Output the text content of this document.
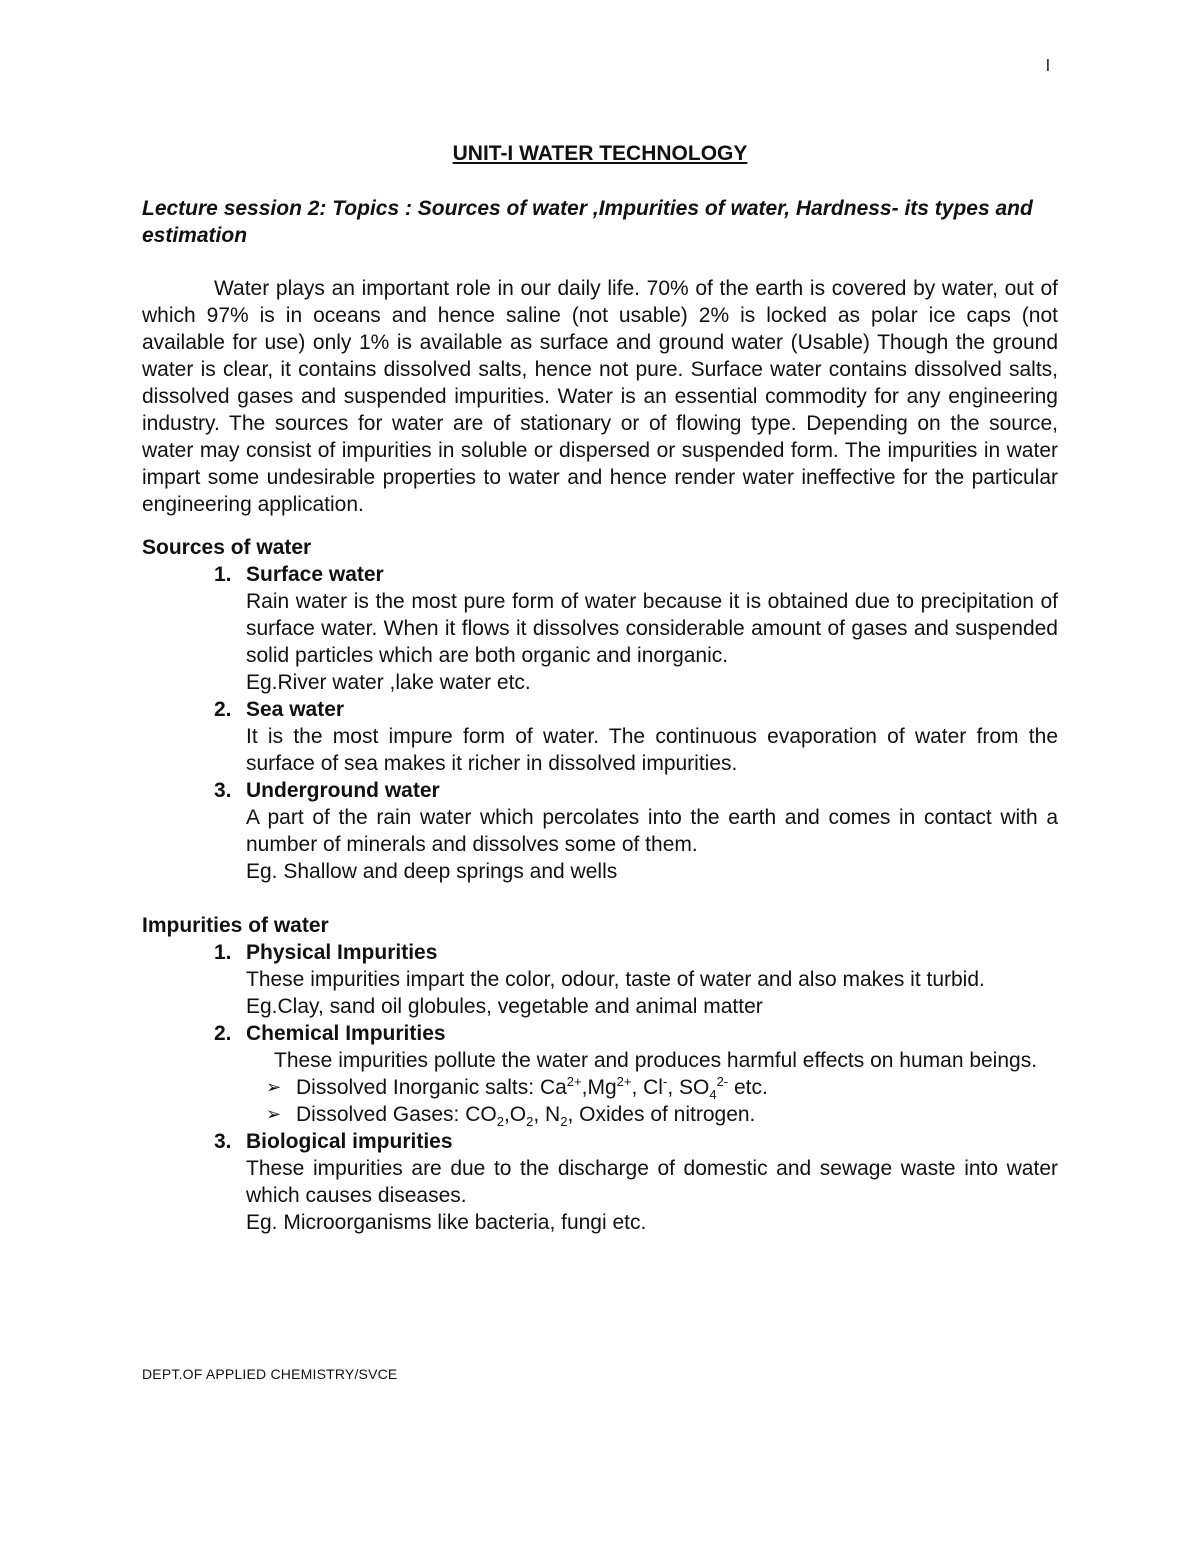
l
UNIT-I WATER TECHNOLOGY
Lecture session 2: Topics : Sources of water ,Impurities of water, Hardness- its types and estimation
Water plays an important role in our daily life. 70% of the earth is covered by water, out of which 97% is in oceans and hence saline (not usable) 2% is locked as polar ice caps (not available for use) only 1% is available as surface and ground water (Usable) Though the ground water is clear, it contains dissolved salts, hence not pure. Surface water contains dissolved salts, dissolved gases and suspended impurities. Water is an essential commodity for any engineering industry. The sources for water are of stationary or of flowing type. Depending on the source, water may consist of impurities in soluble or dispersed or suspended form. The impurities in water impart some undesirable properties to water and hence render water ineffective for the particular engineering application.
Sources of water
1. Surface water
Rain water is the most pure form of water because it is obtained due to precipitation of surface water. When it flows it dissolves considerable amount of gases and suspended solid particles which are both organic and inorganic.
Eg.River water ,lake water etc.
2. Sea water
It is the most impure form of water. The continuous evaporation of water from the surface of sea makes it richer in dissolved impurities.
3. Underground water
A part of the rain water which percolates into the earth and comes in contact with a number of minerals and dissolves some of them.
Eg. Shallow and deep springs and wells
Impurities of water
1. Physical Impurities
These impurities impart the color, odour, taste of water and also makes it turbid.
Eg.Clay, sand oil globules, vegetable and animal matter
2. Chemical Impurities
These impurities pollute the water and produces harmful effects on human beings.
➢ Dissolved Inorganic salts: $Ca^{2+},Mg^{2+}$, Cl-, $SO_4^{2-}$ etc.
➢ Dissolved Gases: $CO_2,O_2$, $N_2$, Oxides of nitrogen.
3. Biological impurities
These impurities are due to the discharge of domestic and sewage waste into water which causes diseases.
Eg. Microorganisms like bacteria, fungi etc.
DEPT.OF APPLIED CHEMISTRY/SVCE
